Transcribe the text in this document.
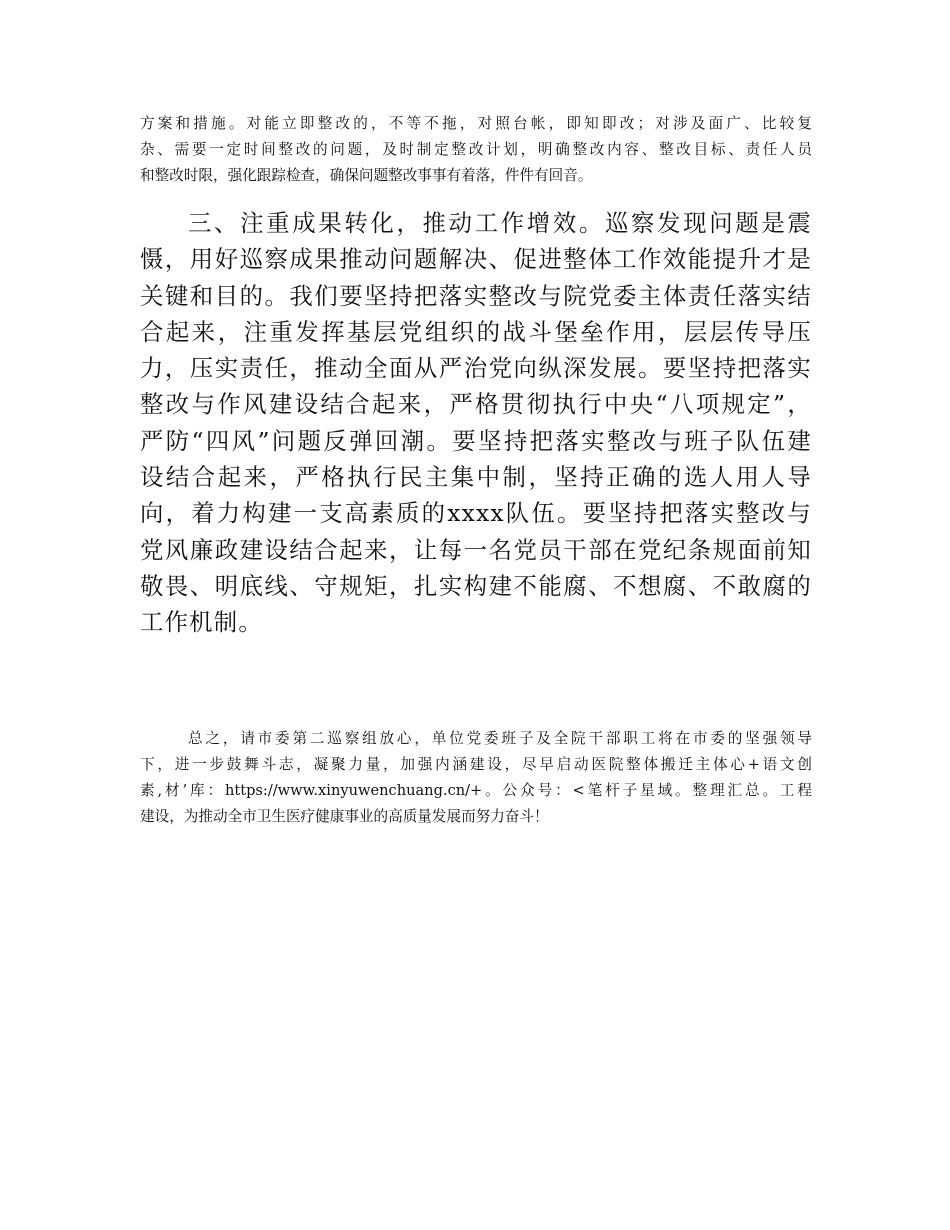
方案和措施。对能立即整改的，不等不拖，对照台帐，即知即改；对涉及面广、比较复
杂、需要一定时间整改的问题，及时制定整改计划，明确整改内容、整改目标、责任人员
和整改时限，强化跟踪检查，确保问题整改事事有着落，件件有回音。
三、注重成果转化，推动工作增效。巡察发现问题是震
慑，用好巡察成果推动问题解决、促进整体工作效能提升才是
关键和目的。我们要坚持把落实整改与院党委主体责任落实结
合起来，注重发挥基层党组织的战斗堡垒作用，层层传导压
力，压实责任，推动全面从严治党向纵深发展。要坚持把落实
整改与作风建设结合起来，严格贯彻执行中央“八项规定”，
严防“四风”问题反弹回潮。要坚持把落实整改与班子队伍建
设结合起来，严格执行民主集中制，坚持正确的选人用人导
向，着力构建一支高素质的xxxx队伍。要坚持把落实整改与
党风廉政建设结合起来，让每一名党员干部在党纪条规面前知
敬畏、明底线、守规矩，扎实构建不能腐、不想腐、不敢腐的
工作机制。
总之，请市委第二巡察组放心，单位党委班子及全院干部职工将在市委的坚强领导
下，进一步鼓舞斗志，凝聚力量，加强内涵建设，尽早启动医院整体搬迁主体心+语文创
素,材’库：https://www.xinyuwenchuang.cn/+。公众号：<笔杆子星域。整理汇总。工程
建设，为推动全市卫生医疗健康事业的高质量发展而努力奋斗！
